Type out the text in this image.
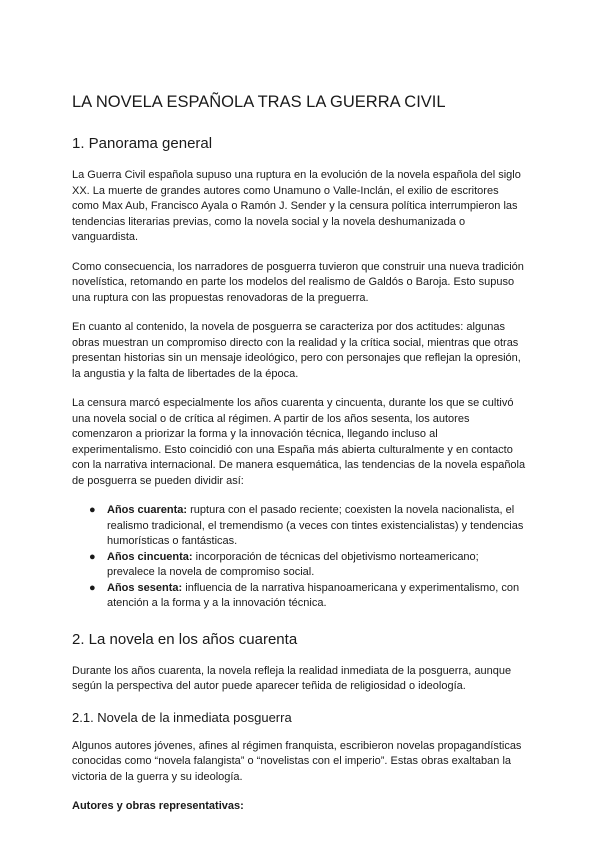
LA NOVELA ESPAÑOLA TRAS LA GUERRA CIVIL
1. Panorama general

La Guerra Civil española supuso una ruptura en la evolución de la novela española del siglo XX. La muerte de grandes autores como Unamuno o Valle-Inclán, el exilio de escritores como Max Aub, Francisco Ayala o Ramón J. Sender y la censura política interrumpieron las tendencias literarias previas, como la novela social y la novela deshumanizada o vanguardista.

Como consecuencia, los narradores de posguerra tuvieron que construir una nueva tradición novelística, retomando en parte los modelos del realismo de Galdós o Baroja. Esto supuso una ruptura con las propuestas renovadoras de la preguerra.

En cuanto al contenido, la novela de posguerra se caracteriza por dos actitudes: algunas obras muestran un compromiso directo con la realidad y la crítica social, mientras que otras presentan historias sin un mensaje ideológico, pero con personajes que reflejan la opresión, la angustia y la falta de libertades de la época.

La censura marcó especialmente los años cuarenta y cincuenta, durante los que se cultivó una novela social o de crítica al régimen. A partir de los años sesenta, los autores comenzaron a priorizar la forma y la innovación técnica, llegando incluso al experimentalismo. Esto coincidió con una España más abierta culturalmente y en contacto con la narrativa internacional. De manera esquemática, las tendencias de la novela española de posguerra se pueden dividir así:

● Años cuarenta: ruptura con el pasado reciente; coexisten la novela nacionalista, el realismo tradicional, el tremendismo (a veces con tintes existencialistas) y tendencias humorísticas o fantásticas.
● Años cincuenta: incorporación de técnicas del objetivismo norteamericano; prevalece la novela de compromiso social.
● Años sesenta: influencia de la narrativa hispanoamericana y experimentalismo, con atención a la forma y a la innovación técnica.
2. La novela en los años cuarenta

Durante los años cuarenta, la novela refleja la realidad inmediata de la posguerra, aunque según la perspectiva del autor puede aparecer teñida de religiosidad o ideología.

2.1. Novela de la inmediata posguerra

Algunos autores jóvenes, afines al régimen franquista, escribieron novelas propagandísticas conocidas como “novela falangista” o “novelistas con el imperio”. Estas obras exaltaban la victoria de la guerra y su ideología.

Autores y obras representativas:
